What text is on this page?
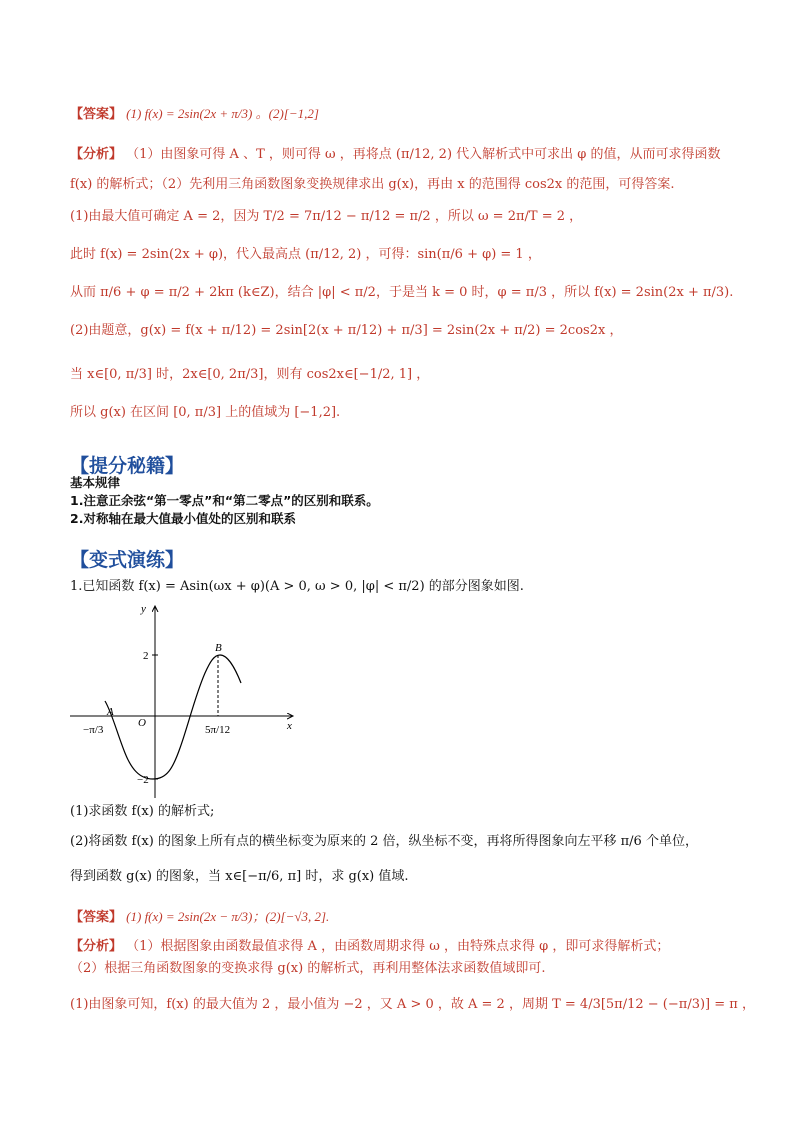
【答案】 (1) f(x) = 2sin(2x + π/3) 。(2)[−1,2]
【分析】 （1）由图象可得 A 、T ，则可得 ω ，再将点 (π/12, 2) 代入解析式中可求出 φ 的值，从而可求得函数
f(x) 的解析式；（2）先利用三角函数图象变换规律求出 g(x)，再由 x 的范围得 cos2x 的范围，可得答案.
(1)由最大值可确定 A = 2，因为 T/2 = 7π/12 − π/12 = π/2 ，所以 ω = 2π/T = 2 ，
此时 f(x) = 2sin(2x + φ)，代入最高点 (π/12, 2) ，可得：sin(π/6 + φ) = 1 ，
从而 π/6 + φ = π/2 + 2kπ (k∈Z)，结合 |φ| < π/2，于是当 k = 0 时，φ = π/3 ，所以 f(x) = 2sin(2x + π/3).
(2)由题意，g(x) = f(x + π/12) = 2sin[2(x + π/12) + π/3] = 2sin(2x + π/2) = 2cos2x ，
当 x∈[0, π/3] 时，2x∈[0, 2π/3]，则有 cos2x∈[−1/2, 1] ，
所以 g(x) 在区间 [0, π/3] 上的值域为 [−1,2].
【提分秘籍】
基本规律
1.注意正余弦“第一零点”和“第二零点”的区别和联系。
2.对称轴在最大值最小值处的区别和联系
【变式演练】
1.已知函数 f(x) = Asin(ωx + φ)(A > 0, ω > 0, |φ| < π/2) 的部分图象如图.
x
y
O
2
−2
A
B
−π/3	5π/12
(1)求函数 f(x) 的解析式;
(2)将函数 f(x) 的图象上所有点的横坐标变为原来的 2 倍，纵坐标不变，再将所得图象向左平移 π/6 个单位，
得到函数 g(x) 的图象，当 x∈[−π/6, π] 时，求 g(x) 值域.
【答案】 (1) f(x) = 2sin(2x − π/3)；(2)[−√3, 2].
【分析】 （1）根据图象由函数最值求得 A ，由函数周期求得 ω ，由特殊点求得 φ ，即可求得解析式；
（2）根据三角函数图象的变换求得 g(x) 的解析式，再利用整体法求函数值域即可.
(1)由图象可知，f(x) 的最大值为 2 ，最小值为 −2 ，又 A > 0 ，故 A = 2 ，周期 T = 4/3[5π/12 − (−π/3)] = π ，
